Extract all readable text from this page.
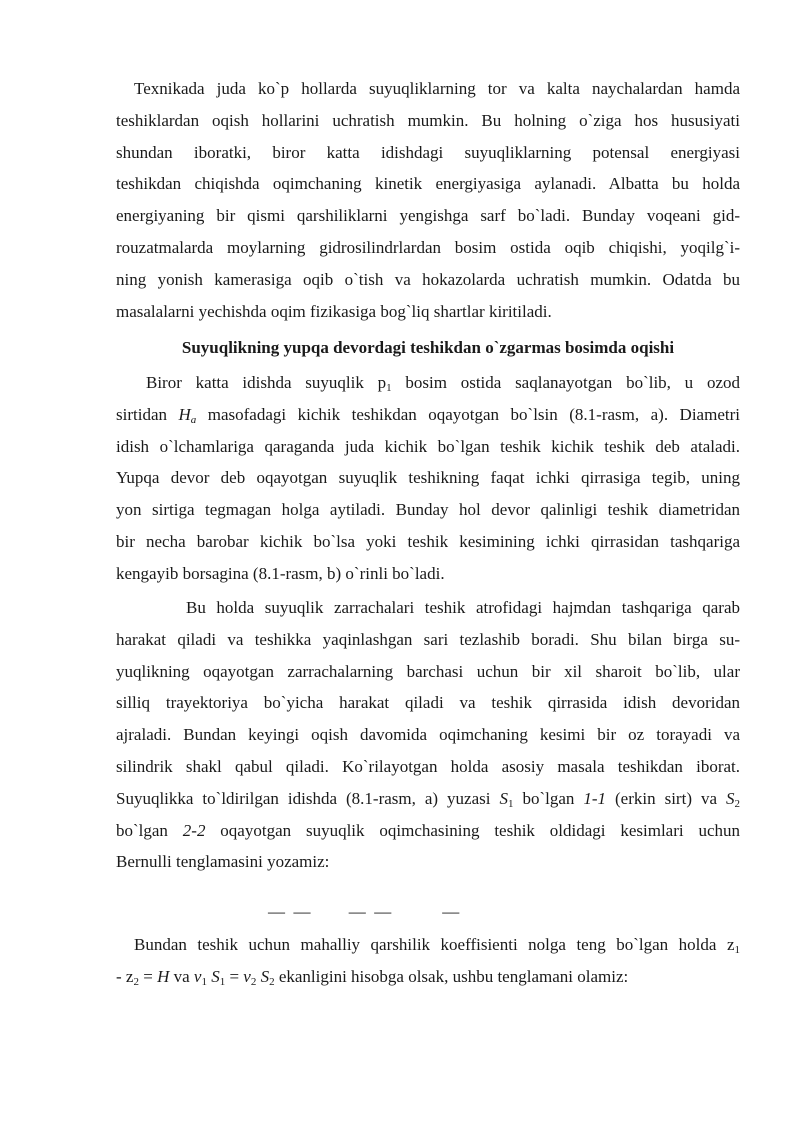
Texnikada juda ko`p hollarda suyuqliklarning tor va kalta naychalardan hamda
teshiklardan oqish hollarini uchratish mumkin. Bu holning o`ziga hos hususiyati
shundan iboratki, biror katta idishdagi suyuqliklarning potensal energiyasi
teshikdan chiqishda oqimchaning kinetik energiyasiga aylanadi. Albatta bu holda
energiyaning bir qismi qarshiliklarni yengishga sarf bo`ladi. Bunday voqeani gid-
rouzatmalarda moylarning gidrosilindrlardan bosim ostida oqib chiqishi, yoqilg`i-
ning yonish kamerasiga oqib o`tish va hokazolarda uchratish mumkin. Odatda bu
masalalarni yechishda oqim fizikasiga bog`liq shartlar kiritiladi.
Suyuqlikning yupqa devordagi teshikdan o`zgarmas bosimda oqishi
Biror katta idishda suyuqlik $p_1$ bosim ostida saqlanayotgan bo`lib, u ozod
sirtidan $H_a$ masofadagi kichik teshikdan oqayotgan bo`lsin (8.1-rasm, a). Diametri
idish o`lchamlariga qaraganda juda kichik bo`lgan teshik kichik teshik deb ataladi.
Yupqa devor deb oqayotgan suyuqlik teshikning faqat ichki qirrasiga tegib, uning
yon sirtiga tegmagan holga aytiladi. Bunday hol devor qalinligi teshik diametridan
bir necha barobar kichik bo`lsa yoki teshik kesimining ichki qirrasidan tashqariga
kengayib borsagina (8.1-rasm, b) o`rinli bo`ladi.
Bu holda suyuqlik zarrachalari teshik atrofidagi hajmdan tashqariga qarab
harakat qiladi va teshikka yaqinlashgan sari tezlashib boradi. Shu bilan birga su-
yuqlikning oqayotgan zarrachalarning barchasi uchun bir xil sharoit bo`lib, ular
silliq trayektoriya bo`yicha harakat qiladi va teshik qirrasida idish devoridan
ajraladi. Bundan keyingi oqish davomida oqimchaning kesimi bir oz torayadi va
silindrik shakl qabul qiladi. Ko`rilayotgan holda asosiy masala teshikdan iborat.
Suyuqlikka to`ldirilgan idishda (8.1-rasm, a) yuzasi $S_1$ bo`lgan 1-1 (erkin sirt) va $S_2$
bo`lgan 2-2 oqayotgan suyuqlik oqimchasining teshik oldidagi kesimlari uchun
Bernulli tenglamasini yozamiz:
—  —         —  —            —
Bundan teshik uchun mahalliy qarshilik koeffisienti nolga teng bo`lgan holda $z_1$
- $z_2 = H$ va $v_1$ $S_1 = v_2$ $S_2$ ekanligini hisobga olsak, ushbu tenglamani olamiz:
